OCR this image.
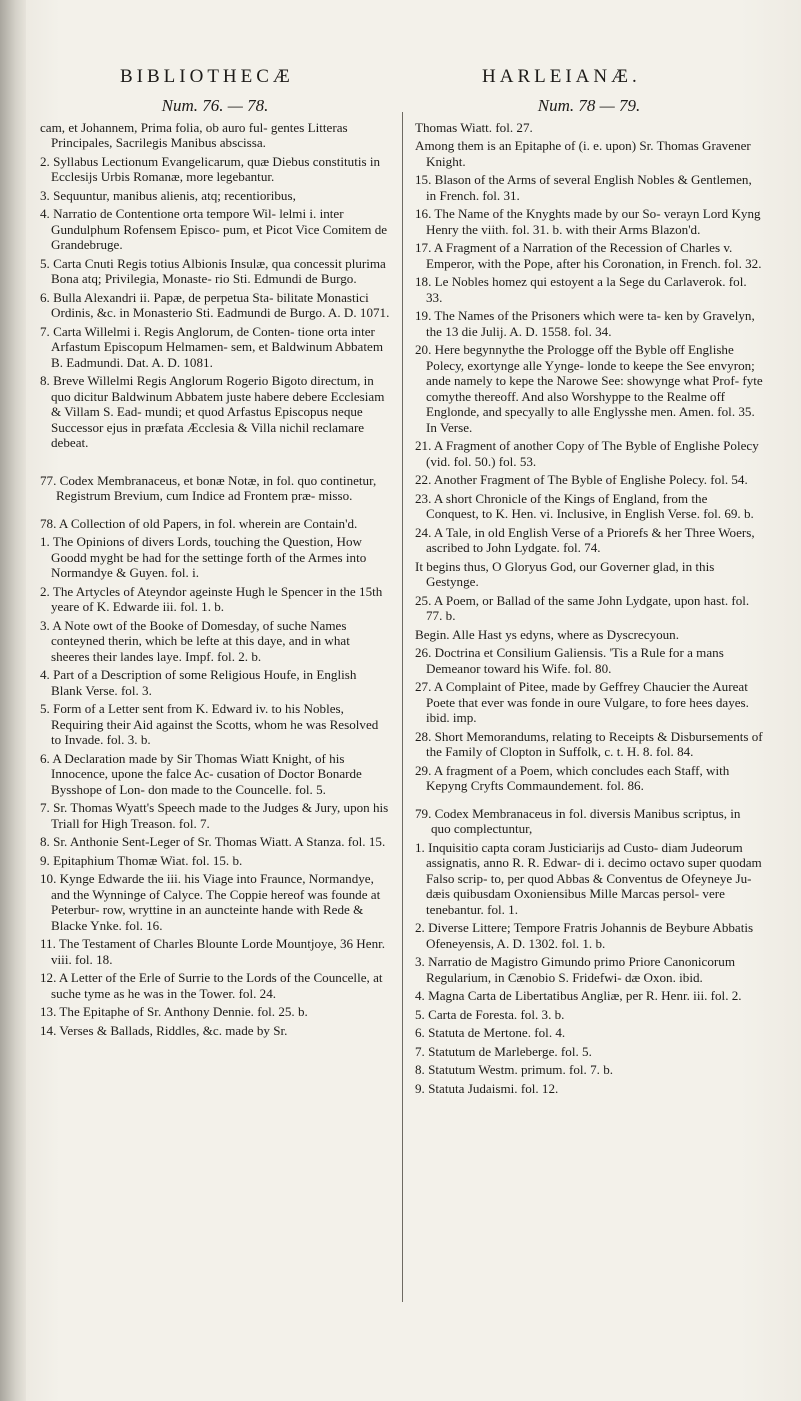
BIBLIOTHECÆ	HARLEIANÆ.
Num. 76. — 78.
cam, et Johannem, Prima folia, ob auro ful- gentes Litteras Principales, Sacrilegis Manibus abscissa.
2. Syllabus Lectionum Evangelicarum, quæ Diebus constitutis in Ecclesijs Urbis Romanæ, more legebantur.
3. Sequuntur, manibus alienis, atq; recentioribus,
4. Narratio de Contentione orta tempore Wil- lelmi i. inter Gundulphum Rofensem Episco- pum, et Picot Vice Comitem de Grandebruge.
5. Carta Cnuti Regis totius Albionis Insulæ, qua concessit plurima Bona atq; Privilegia, Monaste- rio Sti. Edmundi de Burgo.
6. Bulla Alexandri ii. Papæ, de perpetua Sta- bilitate Monastici Ordinis, &c. in Monasterio Sti. Eadmundi de Burgo. A. D. 1071.
7. Carta Willelmi i. Regis Anglorum, de Conten- tione orta inter Arfastum Episcopum Helmamen- sem, et Baldwinum Abbatem B. Eadmundi. Dat. A. D. 1081.
8. Breve Willelmi Regis Anglorum Rogerio Bigoto directum, in quo dicitur Baldwinum Abbatem juste habere debere Ecclesiam & Villam S. Ead- mundi; et quod Arfastus Episcopus neque Successor ejus in præfata Æcclesia & Villa nichil reclamare debeat.
77. Codex Membranaceus, et bonæ Notæ, in fol. quo continetur, Registrum Brevium, cum Indice ad Frontem præ- misso.
78. A Collection of old Papers, in fol. wherein are Contain'd.
1. The Opinions of divers Lords, touching the Question, How Goodd myght be had for the settinge forth of the Armes into Normandye & Guyen. fol. i.
2. The Artycles of Ateyndor ageinste Hugh le Spencer in the 15th yeare of K. Edwarde iii. fol. 1. b.
3. A Note owt of the Booke of Domesday, of suche Names conteyned therin, which be lefte at this daye, and in what sheeres their landes laye. Impf. fol. 2. b.
4. Part of a Description of some Religious Houfe, in English Blank Verse. fol. 3.
5. Form of a Letter sent from K. Edward iv. to his Nobles, Requiring their Aid against the Scotts, whom he was Resolved to Invade. fol. 3. b.
6. A Declaration made by Sir Thomas Wiatt Knight, of his Innocence, upone the falce Ac- cusation of Doctor Bonarde Bysshope of Lon- don made to the Councelle. fol. 5.
7. Sr. Thomas Wyatt's Speech made to the Judges & Jury, upon his Triall for High Treason. fol. 7.
8. Sr. Anthonie Sent-Leger of Sr. Thomas Wiatt. A Stanza. fol. 15.
9. Epitaphium Thomæ Wiat. fol. 15. b.
10. Kynge Edwarde the iii. his Viage into Fraunce, Normandye, and the Wynninge of Calyce. The Coppie hereof was founde at Peterbur- row, wryttine in an auncteinte hande with Rede & Blacke Ynke. fol. 16.
11. The Testament of Charles Blounte Lorde Mountjoye, 36 Henr. viii. fol. 18.
12. A Letter of the Erle of Surrie to the Lords of the Councelle, at suche tyme as he was in the Tower. fol. 24.
13. The Epitaphe of Sr. Anthony Dennie. fol. 25. b.
14. Verses & Ballads, Riddles, &c. made by Sr.
Num. 78 — 79.
Thomas Wiatt. fol. 27.
Among them is an Epitaphe of (i. e. upon) Sr. Thomas Gravener Knight.
15. Blason of the Arms of several English Nobles & Gentlemen, in French. fol. 31.
16. The Name of the Knyghts made by our So- verayn Lord Kyng Henry the viith. fol. 31. b. with their Arms Blazon'd.
17. A Fragment of a Narration of the Recession of Charles v. Emperor, with the Pope, after his Coronation, in French. fol. 32.
18. Le Nobles homez qui estoyent a la Sege du Carlaverok. fol. 33.
19. The Names of the Prisoners which were ta- ken by Gravelyn, the 13 die Julij. A. D. 1558. fol. 34.
20. Here begynnythe the Prologge off the Byble off Englishe Polecy, exortynge alle Yynge- londe to keepe the See envyron; ande namely to kepe the Narowe See: showynge what Prof- fyte comythe thereoff. And also Worshyppe to the Realme off Englonde, and specyally to alle Englysshe men. Amen. fol. 35. In Verse.
21. A Fragment of another Copy of The Byble of Englishe Polecy (vid. fol. 50.) fol. 53.
22. Another Fragment of The Byble of Englishe Polecy. fol. 54.
23. A short Chronicle of the Kings of England, from the Conquest, to K. Hen. vi. Inclusive, in English Verse. fol. 69. b.
24. A Tale, in old English Verse of a Priorefs & her Three Woers, ascribed to John Lydgate. fol. 74.
It begins thus, O Gloryus God, our Governer glad, in this Gestynge.
25. A Poem, or Ballad of the same John Lydgate, upon hast. fol. 77. b.
Begin. Alle Hast ys edyns, where as Dyscrecyoun.
26. Doctrina et Consilium Galiensis. 'Tis a Rule for a mans Demeanor toward his Wife. fol. 80.
27. A Complaint of Pitee, made by Geffrey Chaucier the Aureat Poete that ever was fonde in oure Vulgare, to fore hees dayes. ibid. imp.
28. Short Memorandums, relating to Receipts & Disbursements of the Family of Clopton in Suffolk, c. t. H. 8. fol. 84.
29. A fragment of a Poem, which concludes each Staff, with Kepyng Cryfts Commaundement. fol. 86.
79. Codex Membranaceus in fol. diversis Manibus scriptus, in quo complectuntur,
1. Inquisitio capta coram Justiciarijs ad Custo- diam Judeorum assignatis, anno R. R. Edwar- di i. decimo octavo super quodam Falso scrip- to, per quod Abbas & Conventus de Ofeyneye Ju- dæis quibusdam Oxoniensibus Mille Marcas persol- vere tenebantur. fol. 1.
2. Diverse Littere; Tempore Fratris Johannis de Beybure Abbatis Ofeneyensis, A. D. 1302. fol. 1. b.
3. Narratio de Magistro Gimundo primo Priore Canonicorum Regularium, in Cænobio S. Fridefwi- dæ Oxon. ibid.
4. Magna Carta de Libertatibus Angliæ, per R. Henr. iii. fol. 2.
5. Carta de Foresta. fol. 3. b.
6. Statuta de Mertone. fol. 4.
7. Statutum de Marleberge. fol. 5.
8. Statutum Westm. primum. fol. 7. b.
9. Statuta Judaismi. fol. 12.
